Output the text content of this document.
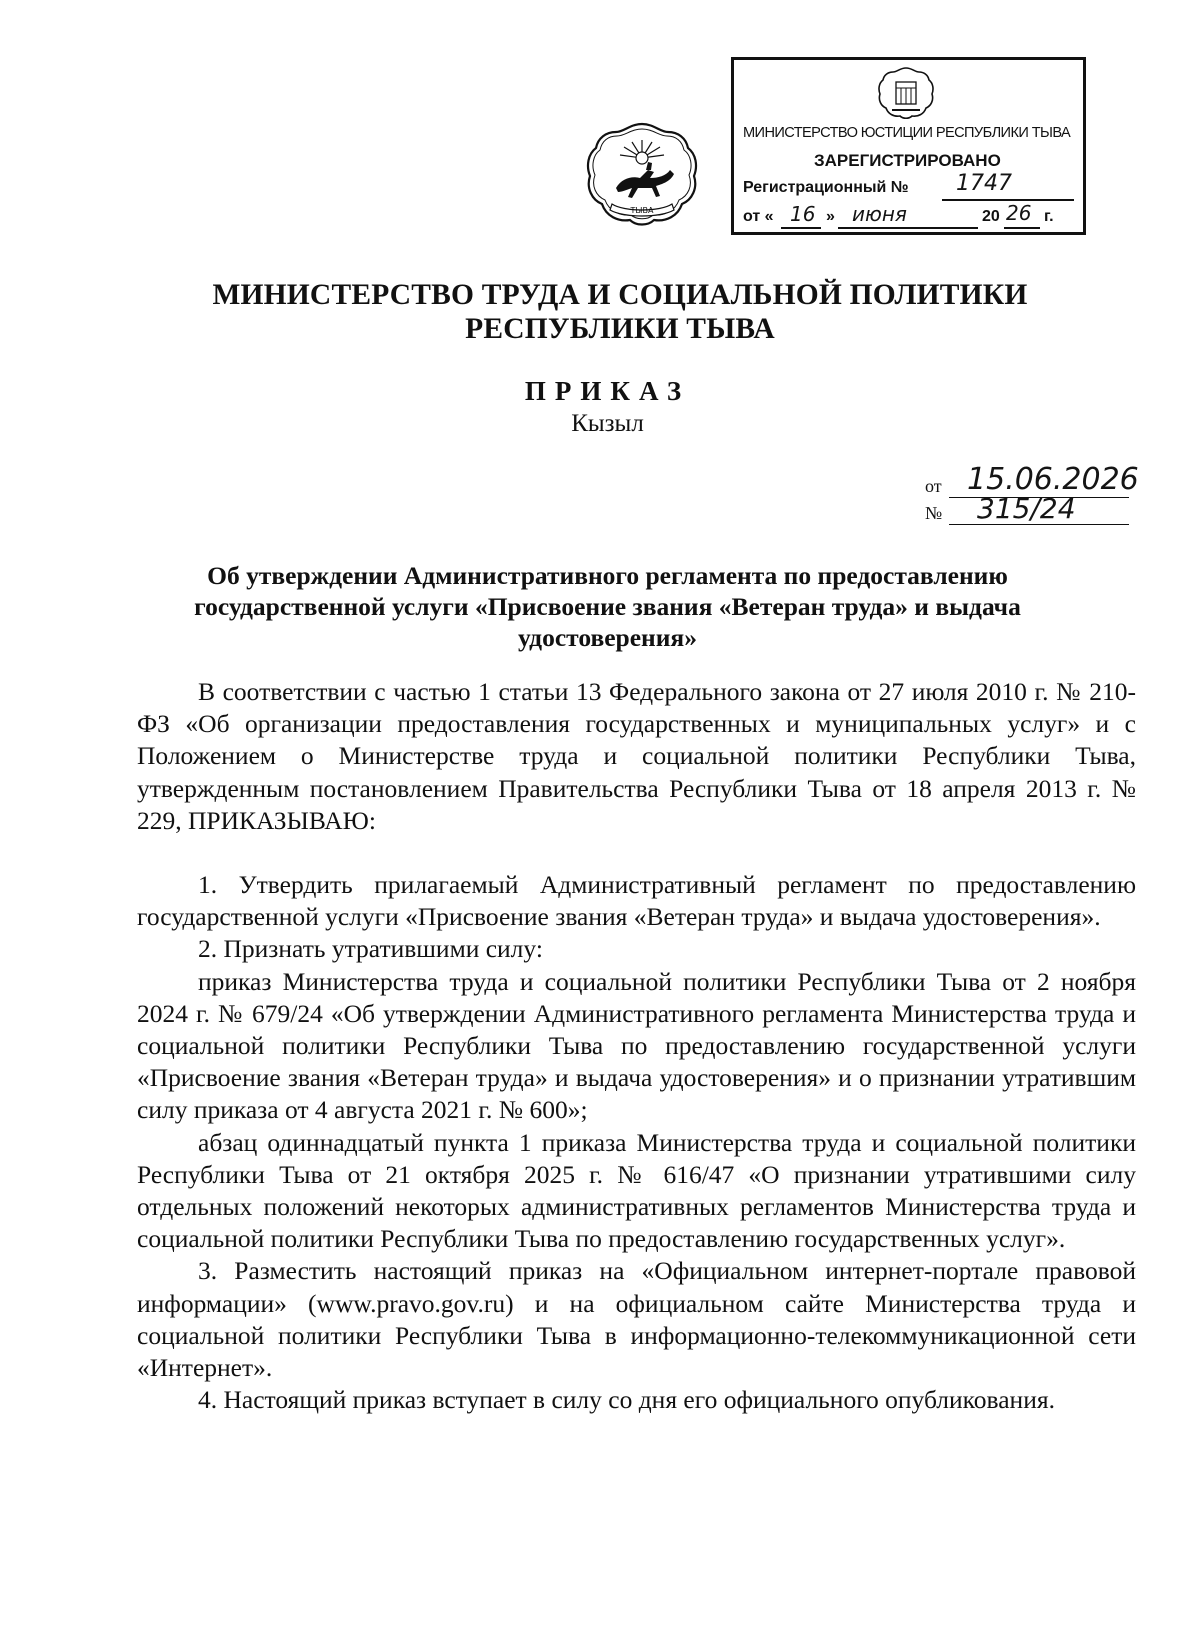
ТЫВА
МИНИСТЕРСТВО ЮСТИЦИИ РЕСПУБЛИКИ ТЫВА
ЗАРЕГИСТРИРОВАНО
Регистрационный № 1747
от « 16 » июня	20 26 г.
МИНИСТЕРСТВО ТРУДА И СОЦИАЛЬНОЙ ПОЛИТИКИ РЕСПУБЛИКИ ТЫВА
ПРИКАЗ
Кызыл
от 15.06.2026
№ 315/24
Об утверждении Административного регламента по предоставлению государственной услуги «Присвоение звания «Ветеран труда» и выдача удостоверения»

В соответствии с частью 1 статьи 13 Федерального закона от 27 июля 2010 г. № 210-ФЗ «Об организации предоставления государственных и муниципальных услуг» и с Положением о Министерстве труда и социальной политики Республики Тыва, утвержденным постановлением Правительства Республики Тыва от 18 апреля 2013 г. № 229, ПРИКАЗЫВАЮ:

1. Утвердить прилагаемый Административный регламент по предоставлению государственной услуги «Присвоение звания «Ветеран труда» и выдача удостоверения».

2. Признать утратившими силу:

приказ Министерства труда и социальной политики Республики Тыва от 2 ноября 2024 г. № 679/24 «Об утверждении Административного регламента Министерства труда и социальной политики Республики Тыва по предоставлению государственной услуги «Присвоение звания «Ветеран труда» и выдача удостоверения» и о признании утратившим силу приказа от 4 августа 2021 г. № 600»;

абзац одиннадцатый пункта 1 приказа Министерства труда и социальной политики Республики Тыва от 21 октября 2025 г. № 616/47 «О признании утратившими силу отдельных положений некоторых административных регламентов Министерства труда и социальной политики Республики Тыва по предоставлению государственных услуг».

3. Разместить настоящий приказ на «Официальном интернет-портале правовой информации» (www.pravo.gov.ru) и на официальном сайте Министерства труда и социальной политики Республики Тыва в информационно-телекоммуникационной сети «Интернет».

4. Настоящий приказ вступает в силу со дня его официального опубликования.
